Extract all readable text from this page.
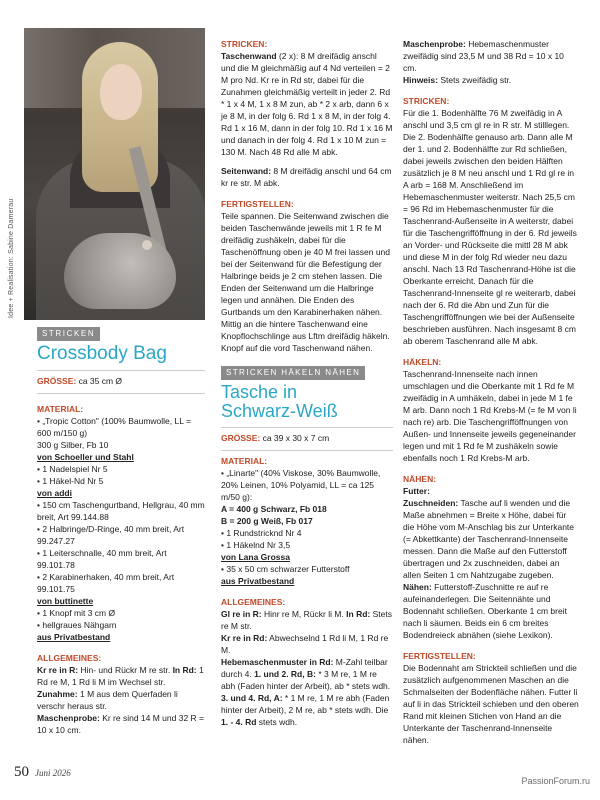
Idee + Realisation: Sabine Damerau
STRICKEN
Crossbody Bag

GRÖSSE: ca 35 cm Ø

MATERIAL:

• „Tropic Cotton" (100% Baumwolle, LL = 600 m/150 g)

300 g Silber, Fb 10

von Schoeller und Stahl

• 1 Nadelspiel Nr 5

• 1 Häkel-Nd Nr 5

von addi

• 150 cm Taschengurtband, Hellgrau, 40 mm breit, Art 99.144.88

• 2 Halbringe/D-Ringe, 40 mm breit, Art 99.247.27

• 1 Leiterschnalle, 40 mm breit, Art 99.101.78

• 2 Karabinerhaken, 40 mm breit, Art 99.101.75

von buttinette

• 1 Knopf mit 3 cm Ø

• hellgraues Nähgarn

aus Privatbestand

ALLGEMEINES:

Kr re in R: Hin- und Rückr M re str. In Rd: 1 Rd re M, 1 Rd li M im Wechsel str.

Zunahme: 1 M aus dem Querfaden li verschr heraus str.

Maschenprobe: Kr re sind 14 M und 32 R = 10 x 10 cm.

STRICKEN:

Taschenwand (2 x): 8 M dreifädig anschl und die M gleichmäßig auf 4 Nd verteilen = 2 M pro Nd. Kr re in Rd str, dabei für die Zunahmen gleichmäßig verteilt in jeder 2. Rd * 1 x 4 M, 1 x 8 M zun, ab * 2 x arb, dann 6 x je 8 M, in der folg 6. Rd 1 x 8 M, in der folg 4. Rd 1 x 16 M, dann in der folg 10. Rd 1 x 16 M und danach in der folg 4. Rd 1 x 10 M zun = 130 M. Nach 48 Rd alle M abk.

Seitenwand: 8 M dreifädig anschl und 64 cm kr re str. M abk.

FERTIGSTELLEN:

Teile spannen. Die Seitenwand zwischen die beiden Taschenwände jeweils mit 1 R fe M dreifädig zushäkeln, dabei für die Taschenöffnung oben je 40 M frei lassen und bei der Seitenwand für die Befestigung der Halbringe beids je 2 cm stehen lassen. Die Enden der Seitenwand um die Halbringe legen und annähen. Die Enden des Gurtbands um den Karabinerhaken nähen. Mittig an die hintere Taschenwand eine Knopflochschlinge aus Lftm dreifädig häkeln. Knopf auf die vord Taschenwand nähen.

STRICKEN HÄKELN NÄHEN
Tasche in
Schwarz-Weiß

GRÖSSE: ca 39 x 30 x 7 cm

MATERIAL:

• „Linarte" (40% Viskose, 30% Baumwolle, 20% Leinen, 10% Polyamid, LL = ca 125 m/50 g):

A = 400 g Schwarz, Fb 018

B = 200 g Weiß, Fb 017

• 1 Rundstricknd Nr 4

• 1 Häkelnd Nr 3,5

von Lana Grossa

• 35 x 50 cm schwarzer Futterstoff

aus Privatbestand

ALLGEMEINES:

Gl re in R: Hinr re M, Rückr li M. In Rd: Stets re M str.

Kr re in Rd: Abwechselnd 1 Rd li M, 1 Rd re M.

Hebemaschenmuster in Rd: M-Zahl teilbar durch 4. 1. und 2. Rd, B: * 3 M re, 1 M re abh (Faden hinter der Arbeit), ab * stets wdh. 3. und 4. Rd, A: * 1 M re, 1 M re abh (Faden hinter der Arbeit), 2 M re, ab * stets wdh. Die 1. - 4. Rd stets wdh.

Maschenprobe: Hebemaschenmuster zweifädig sind 23,5 M und 38 Rd = 10 x 10 cm.

Hinweis: Stets zweifädig str.

STRICKEN:

Für die 1. Bodenhälfte 76 M zweifädig in A anschl und 3,5 cm gl re in R str. M stilllegen. Die 2. Bodenhälfte genauso arb. Dann alle M der 1. und 2. Bodenhälfte zur Rd schließen, dabei jeweils zwischen den beiden Hälften zusätzlich je 8 M neu anschl und 1 Rd gl re in A arb = 168 M. Anschließend im Hebemaschenmuster weiterstr. Nach 25,5 cm = 96 Rd im Hebemaschenmuster für die Taschenrand-Außenseite in A weiterstr, dabei für die Taschengrifföffnung in der 6. Rd jeweils an Vorder- und Rückseite die mittl 28 M abk und diese M in der folg Rd wieder neu dazu anschl. Nach 13 Rd Taschenrand-Höhe ist die Oberkante erreicht. Danach für die Taschenrand-Innenseite gl re weiterarb, dabei nach der 6. Rd die Abn und Zun für die Taschengrifföffnungen wie bei der Außenseite beschrieben ausführen. Nach insgesamt 8 cm ab oberem Taschenrand alle M abk.

HÄKELN:

Taschenrand-Innenseite nach innen umschlagen und die Oberkante mit 1 Rd fe M zweifädig in A umhäkeln, dabei in jede M 1 fe M arb. Dann noch 1 Rd Krebs-M (= fe M von li nach re) arb. Die Taschengrifföffnungen von Außen- und Innenseite jeweils gegeneinander legen und mit 1 Rd fe M zushäkeln sowie ebenfalls noch 1 Rd Krebs-M arb.

NÄHEN:

Futter:

Zuschneiden: Tasche auf li wenden und die Maße abnehmen = Breite x Höhe, dabei für die Höhe vom M-Anschlag bis zur Unterkante (= Abkettkante) der Taschenrand-Innenseite messen. Dann die Maße auf den Futterstoff übertragen und 2x zuschneiden, dabei an allen Seiten 1 cm Nahtzugabe zugeben.

Nähen: Futterstoff-Zuschnitte re auf re aufeinanderlegen. Die Seitennähte und Bodennaht schließen. Oberkante 1 cm breit nach li säumen. Beids ein 6 cm breites Bodendreieck abnähen (siehe Lexikon).

FERTIGSTELLEN:

Die Bodennaht am Strickteil schließen und die zusätzlich aufgenommenen Maschen an die Schmalseiten der Bodenfläche nähen. Futter li auf li in das Strickteil schieben und den oberen Rand mit kleinen Stichen von Hand an die Unterkante der Taschenrand-Innenseite nähen.

50 Juni 2026
PassionForum.ru
